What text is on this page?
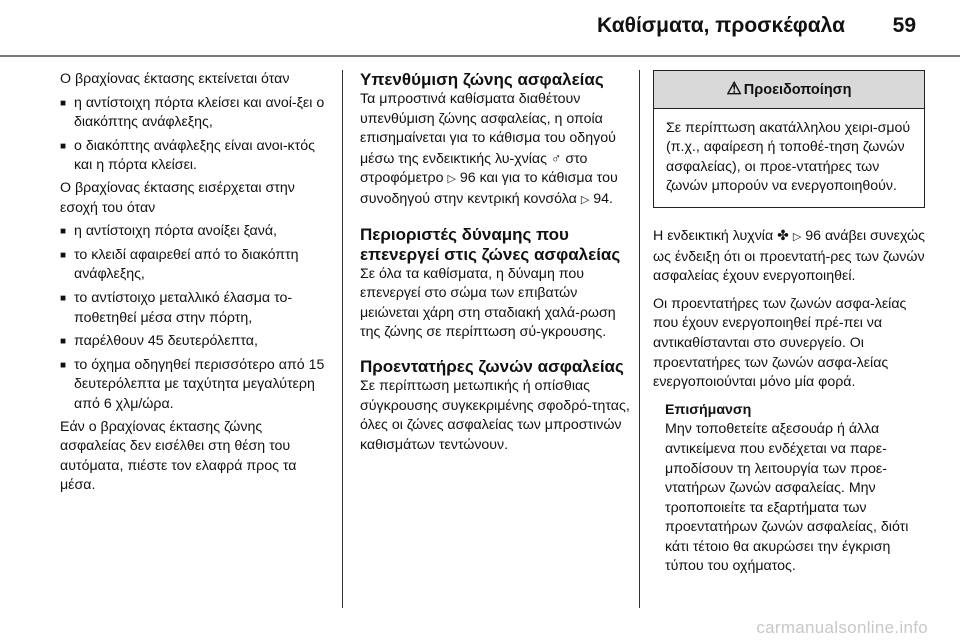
Καθίσματα, προσκέφαλα 59

Ο βραχίονας έκτασης εκτείνεται όταν

■ η αντίστοιχη πόρτα κλείσει και ανοί‐ξει ο διακόπτης ανάφλεξης,
■ ο διακόπτης ανάφλεξης είναι ανοι‐κτός και η πόρτα κλείσει.

Ο βραχίονας έκτασης εισέρχεται στην εσοχή του όταν

■ η αντίστοιχη πόρτα ανοίξει ξανά,
■ το κλειδί αφαιρεθεί από το διακόπτη ανάφλεξης,
■ το αντίστοιχο μεταλλικό έλασμα το‐ποθετηθεί μέσα στην πόρτη,
■ παρέλθουν 45 δευτερόλεπτα,
■ το όχημα οδηγηθεί περισσότερο από 15 δευτερόλεπτα με ταχύτητα μεγαλύτερη από 6 χλμ/ώρα.

Εάν ο βραχίονας έκτασης ζώνης ασφαλείας δεν εισέλθει στη θέση του αυτόματα, πιέστε τον ελαφρά προς τα μέσα.

Υπενθύμιση ζώνης ασφαλείας

Τα μπροστινά καθίσματα διαθέτουν υπενθύμιση ζώνης ασφαλείας, η οποία επισημαίνεται για το κάθισμα του οδηγού μέσω της ενδεικτικής λυ‐χνίας ♂ στο στροφόμετρο ▷ 96 και για το κάθισμα του συνοδηγού στην κεντρική κονσόλα ▷ 94.

Περιοριστές δύναμης που επενεργεί στις ζώνες ασφαλείας

Σε όλα τα καθίσματα, η δύναμη που επενεργεί στο σώμα των επιβατών μειώνεται χάρη στη σταδιακή χαλά‐ρωση της ζώνης σε περίπτωση σύ‐γκρουσης.

Προεντατήρες ζωνών ασφαλείας

Σε περίπτωση μετωπικής ή οπίσθιας σύγκρουσης συγκεκριμένης σφοδρό‐τητας, όλες οι ζώνες ασφαλείας των μπροστινών καθισμάτων τεντώνουν.

⚠ Προειδοποίηση
Σε περίπτωση ακατάλληλου χειρι‐σμού (π.χ., αφαίρεση ή τοποθέ‐τηση ζωνών ασφαλείας), οι προε‐ντατήρες των ζωνών μπορούν να ενεργοποιηθούν.

Η ενδεικτική λυχνία ✤ ▷ 96 ανάβει συνεχώς ως ένδειξη ότι οι προεντατή‐ρες των ζωνών ασφαλείας έχουν ενεργοποιηθεί.

Οι προεντατήρες των ζωνών ασφα‐λείας που έχουν ενεργοποιηθεί πρέ‐πει να αντικαθίστανται στο συνεργείο. Οι προεντατήρες των ζωνών ασφα‐λείας ενεργοποιούνται μόνο μία φορά.

Επισήμανση
Μην τοποθετείτε αξεσουάρ ή άλλα αντικείμενα που ενδέχεται να παρε‐μποδίσουν τη λειτουργία των προε‐ντατήρων ζωνών ασφαλείας. Μην τροποποιείτε τα εξαρτήματα των προεντατήρων ζωνών ασφαλείας, διότι κάτι τέτοιο θα ακυρώσει την έγκριση τύπου του οχήματος.
carmanualsonline.info
